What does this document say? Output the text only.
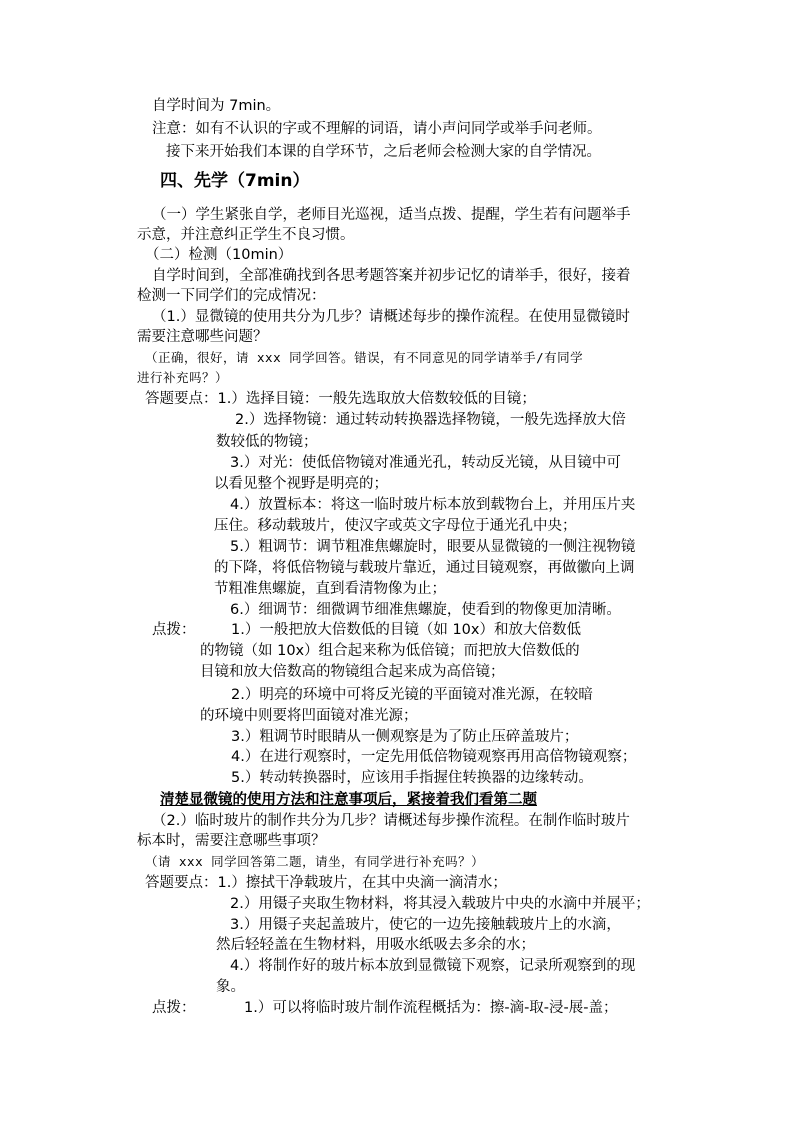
自学时间为 7min。

注意：如有不认识的字或不理解的词语，请小声问同学或举手问老师。

接下来开始我们本课的自学环节，之后老师会检测大家的自学情况。

四、先学（7min）

（一）学生紧张自学，老师目光巡视，适当点拨、提醒，学生若有问题举手

示意，并注意纠正学生不良习惯。

（二）检测（10min）

自学时间到，全部准确找到各思考题答案并初步记忆的请举手，很好，接着

检测一下同学们的完成情况：

（1.）显微镜的使用共分为几步？请概述每步的操作流程。在使用显微镜时

需要注意哪些问题？

（正确，很好，请 xxx 同学回答。错误，有不同意见的同学请举手/有同学

进行补充吗？）

答题要点：1.）选择目镜：一般先选取放大倍数较低的目镜；

2.）选择物镜：通过转动转换器选择物镜，一般先选择放大倍

数较低的物镜；

3.）对光：使低倍物镜对准通光孔，转动反光镜，从目镜中可

以看见整个视野是明亮的；

4.）放置标本：将这一临时玻片标本放到载物台上，并用压片夹

压住。移动载玻片，使汉字或英文字母位于通光孔中央；

5.）粗调节：调节粗准焦螺旋时，眼要从显微镜的一侧注视物镜

的下降，将低倍物镜与载玻片靠近，通过目镜观察，再做徽向上调

节粗准焦螺旋，直到看清物像为止；

6.）细调节：细微调节细准焦螺旋，使看到的物像更加清晰。

点拨： 1.）一般把放大倍数低的目镜（如 10x）和放大倍数低

的物镜（如 10x）组合起来称为低倍镜；而把放大倍数低的

目镜和放大倍数高的物镜组合起来成为高倍镜；

2.）明亮的环境中可将反光镜的平面镜对准光源，在较暗

的环境中则要将凹面镜对准光源；

3.）粗调节时眼睛从一侧观察是为了防止压碎盖玻片；

4.）在进行观察时，一定先用低倍物镜观察再用高倍物镜观察；

5.）转动转换器时，应该用手指握住转换器的边缘转动。

清楚显微镜的使用方法和注意事项后，紧接着我们看第二题

（2.）临时玻片的制作共分为几步？请概述每步操作流程。在制作临时玻片

标本时，需要注意哪些事项？

（请 xxx 同学回答第二题，请坐，有同学进行补充吗？）

答题要点：1.）擦拭干净载玻片，在其中央滴一滴清水；

2.）用镊子夹取生物材料，将其浸入载玻片中央的水滴中并展平；

3.）用镊子夹起盖玻片，使它的一边先接触载玻片上的水滴，

然后轻轻盖在生物材料，用吸水纸吸去多余的水；

4.）将制作好的玻片标本放到显微镜下观察，记录所观察到的现

象。

点拨：	1.）可以将临时玻片制作流程概括为：擦-滴-取-浸-展-盖；
